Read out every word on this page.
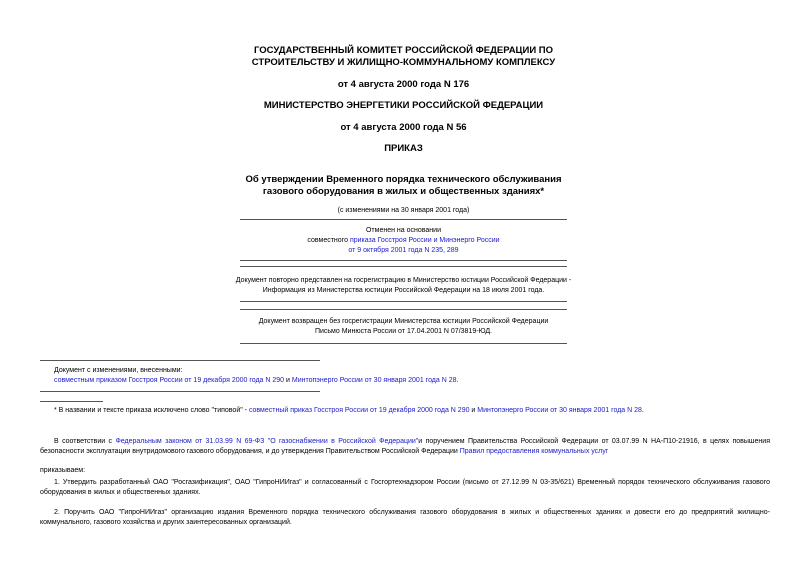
ГОСУДАРСТВЕННЫЙ КОМИТЕТ РОССИЙСКОЙ ФЕДЕРАЦИИ ПО
СТРОИТЕЛЬСТВУ И ЖИЛИЩНО-КОММУНАЛЬНОМУ КОМПЛЕКСУ
от 4 августа 2000 года N 176
МИНИСТЕРСТВО ЭНЕРГЕТИКИ РОССИЙСКОЙ ФЕДЕРАЦИИ
от 4 августа 2000 года N 56
ПРИКАЗ
Об утверждении Временного порядка технического обслуживания
газового оборудования в жилых и общественных зданиях*
(с изменениями на 30 января 2001 года)
Отменен на основании
совместного приказа Госстроя России и Минэнерго России
от 9 октября 2001 года N 235, 289
Документ повторно представлен на госрегистрацию в Министерство юстиции Российской Федерации -
Информация из Министерства юстиции Российской Федерации на 18 июля 2001 года.
Документ возвращен без госрегистрации Министерства юстиции Российской Федерации
Письмо Минюста России от 17.04.2001 N 07/3819-ЮД.
Документ с изменениями, внесенными:
совместным приказом Госстроя России от 19 декабря 2000 года N 290 и Минтопэнерго России от 30 января 2001 года N 28.
* В названии и тексте приказа исключено слово "типовой" - совместный приказ Госстроя России от 19 декабря 2000 года N 290 и Минтопэнерго России от 30 января 2001 года N 28.
В соответствии с Федеральным законом от 31.03.99 N 69-ФЗ "О газоснабжении в Российской Федерации"и поручением Правительства Российской Федерации от 03.07.99 N НА-П10-21916, в целях повышения безопасности эксплуатации внутридомового газового оборудования, и до утверждения Правительством Российской Федерации Правил предоставления коммунальных услуг
приказываем:
1. Утвердить разработанный ОАО "Росгазификация", ОАО "ГипроНИИгаз" и согласованный с Госгортехнадзором России (письмо от 27.12.99 N 03-35/621) Временный порядок технического обслуживания газового оборудования в жилых и общественных зданиях.
2. Поручить ОАО "ГипроНИИгаз" организацию издания Временного порядка технического обслуживания газового оборудования в жилых и общественных зданиях и довести его до предприятий жилищно-коммунального, газового хозяйства и других заинтересованных организаций.
